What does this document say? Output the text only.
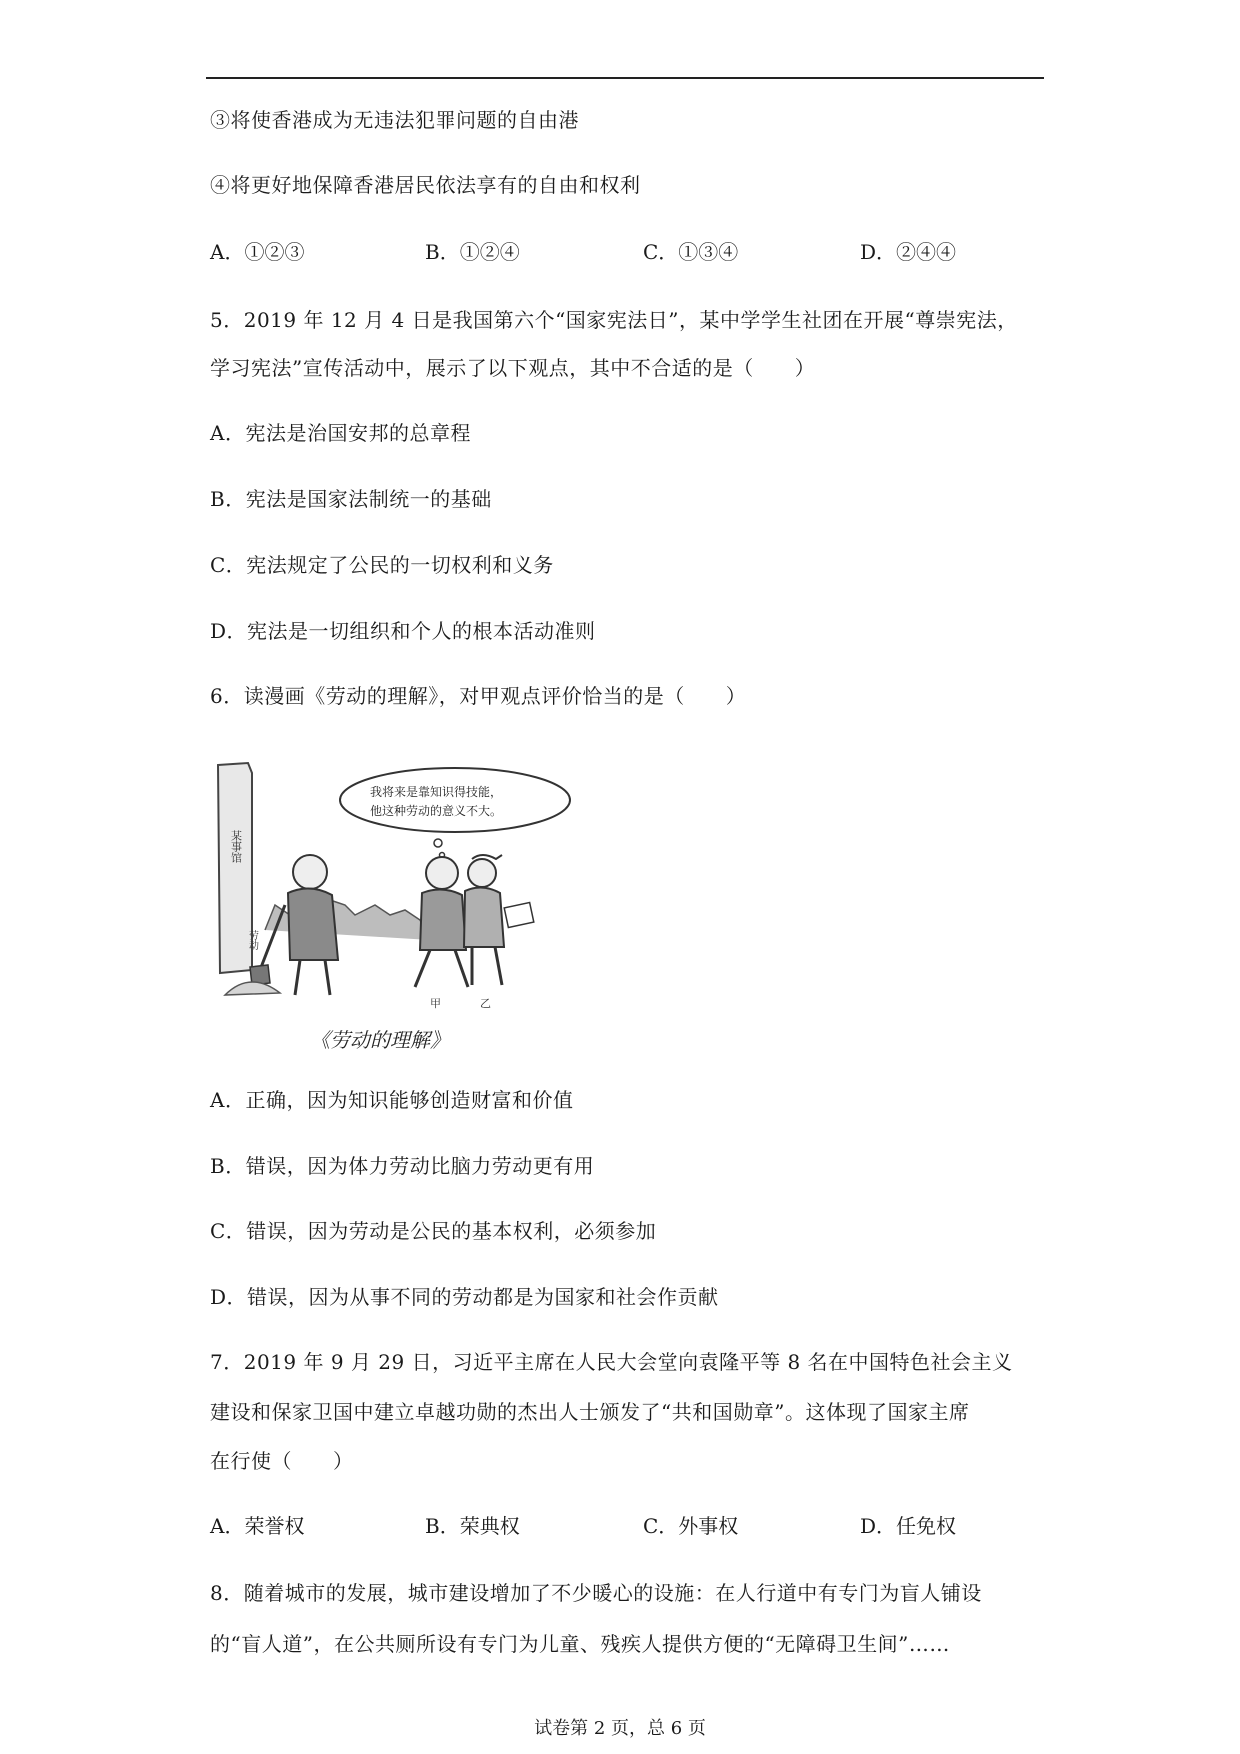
③将使香港成为无违法犯罪问题的自由港
④将更好地保障香港居民依法享有的自由和权利
A．①②③	B．①②④	C．①③④	D．②④④
5．2019 年 12 月 4 日是我国第六个“国家宪法日”，某中学学生社团在开展“尊崇宪法，
学习宪法”宣传活动中，展示了以下观点，其中不合适的是（　　）
A．宪法是治国安邦的总章程
B．宪法是国家法制统一的基础
C．宪法规定了公民的一切权利和义务
D．宪法是一切组织和个人的根本活动准则
6．读漫画《劳动的理解》，对甲观点评价恰当的是（　　）
某事馆
我将来是靠知识得技能，
他这种劳动的意义不大。
劳动
甲	乙
《劳动的理解》
A．正确，因为知识能够创造财富和价值
B．错误，因为体力劳动比脑力劳动更有用
C．错误，因为劳动是公民的基本权利，必须参加
D．错误，因为从事不同的劳动都是为国家和社会作贡献
7．2019 年 9 月 29 日，习近平主席在人民大会堂向袁隆平等 8 名在中国特色社会主义
建设和保家卫国中建立卓越功勋的杰出人士颁发了“共和国勋章”。这体现了国家主席
在行使（　　）
A．荣誉权	B．荣典权	C．外事权	D．任免权
8．随着城市的发展，城市建设增加了不少暖心的设施：在人行道中有专门为盲人铺设
的“盲人道”，在公共厕所设有专门为儿童、残疾人提供方便的“无障碍卫生间”……
试卷第 2 页，总 6 页
